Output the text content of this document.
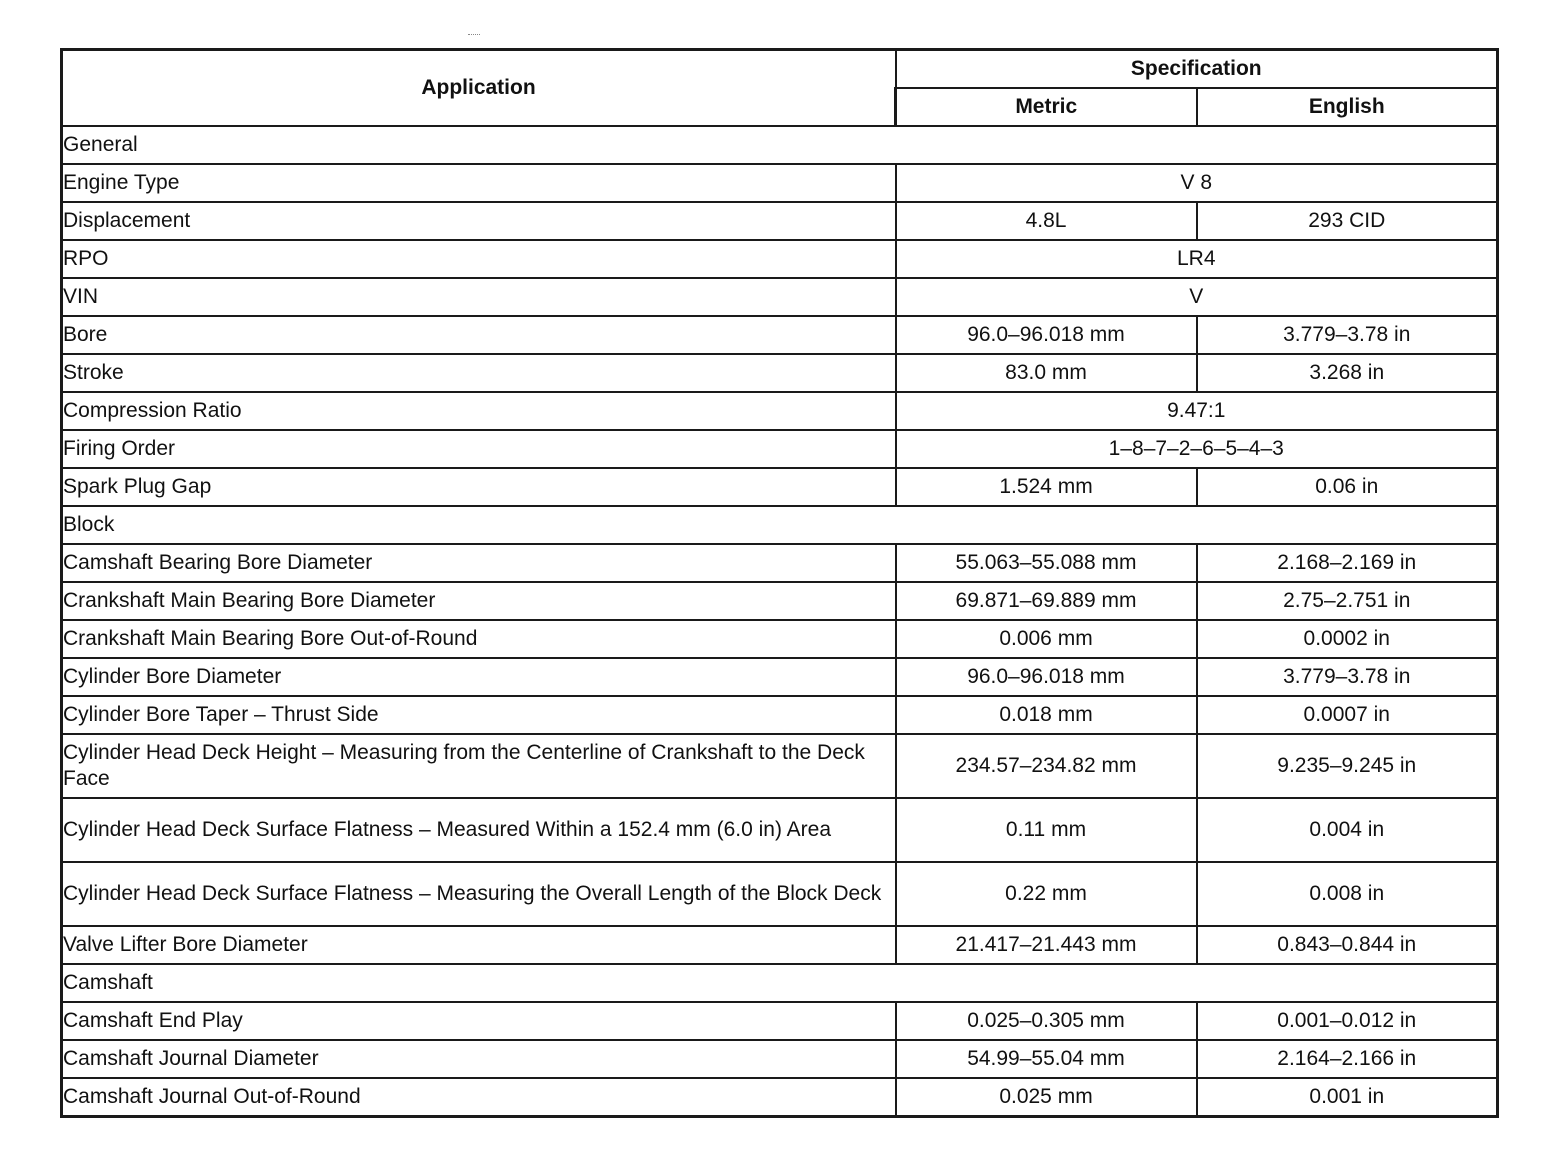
Application	Specification	
	Metric	English
General		
Engine Type	V 8	
Displacement	4.8L	293 CID
RPO	LR4	
VIN	V	
Bore	96.0–96.018 mm	3.779–3.78 in
Stroke	83.0 mm	3.268 in
Compression Ratio	9.47:1	
Firing Order	1–8–7–2–6–5–4–3	
Spark Plug Gap	1.524 mm	0.06 in
Block		
Camshaft Bearing Bore Diameter	55.063–55.088 mm	2.168–2.169 in
Crankshaft Main Bearing Bore Diameter	69.871–69.889 mm	2.75–2.751 in
Crankshaft Main Bearing Bore Out-of-Round	0.006 mm	0.0002 in
Cylinder Bore Diameter	96.0–96.018 mm	3.779–3.78 in
Cylinder Bore Taper – Thrust Side	0.018 mm	0.0007 in
Cylinder Head Deck Height – Measuring from the Centerline of Crankshaft to the Deck Face	234.57–234.82 mm	9.235–9.245 in
Cylinder Head Deck Surface Flatness – Measured Within a 152.4 mm (6.0 in) Area	0.11 mm	0.004 in
Cylinder Head Deck Surface Flatness – Measuring the Overall Length of the Block Deck	0.22 mm	0.008 in
Valve Lifter Bore Diameter	21.417–21.443 mm	0.843–0.844 in
Camshaft		
Camshaft End Play	0.025–0.305 mm	0.001–0.012 in
Camshaft Journal Diameter	54.99–55.04 mm	2.164–2.166 in
Camshaft Journal Out-of-Round	0.025 mm	0.001 in
